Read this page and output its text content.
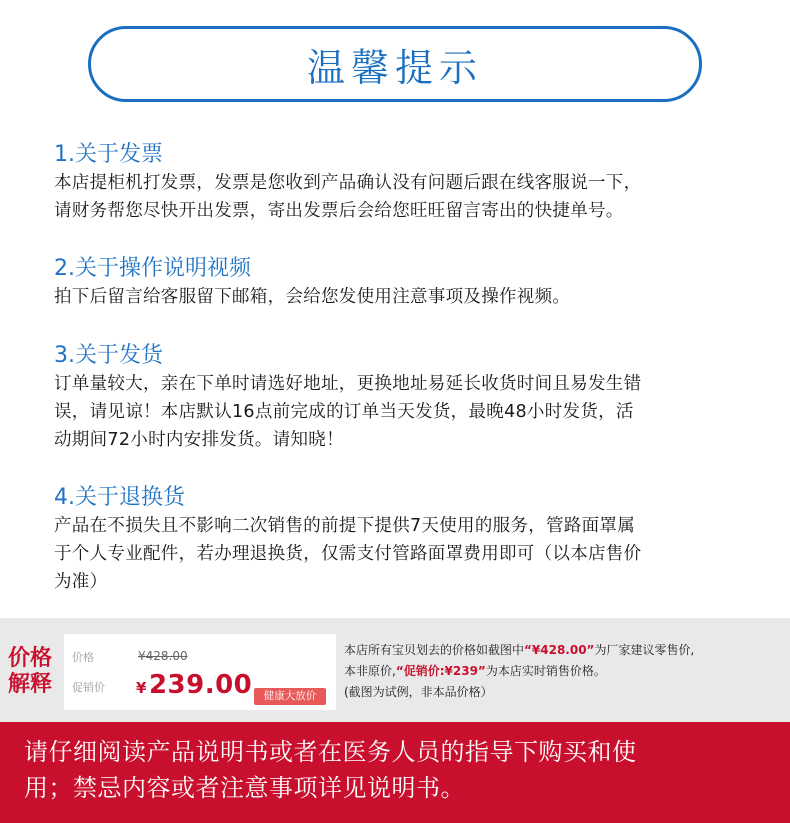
温馨提示
1.关于发票
本店提柜机打发票，发票是您收到产品确认没有问题后跟在线客服说一下，
请财务帮您尽快开出发票，寄出发票后会给您旺旺留言寄出的快捷单号。
2.关于操作说明视频
拍下后留言给客服留下邮箱，会给您发使用注意事项及操作视频。
3.关于发货
订单量较大，亲在下单时请选好地址，更换地址易延长收货时间且易发生错
误，请见谅！本店默认16点前完成的订单当天发货，最晚48小时发货，活
动期间72小时内安排发货。请知晓！
4.关于退换货
产品在不损失且不影响二次销售的前提下提供7天使用的服务，管路面罩属
于个人专业配件，若办理退换货，仅需支付管路面罩费用即可（以本店售价
为准）
价格
解释
价格	¥428.00
促销价 ¥239.00	健康大放价
本店所有宝贝划去的价格如截图中“¥428.00”为厂家建议零售价,
本非原价,“促销价:¥239”为本店实时销售价格。
(截图为试例，非本品价格）
请仔细阅读产品说明书或者在医务人员的指导下购买和使
用；禁忌内容或者注意事项详见说明书。
